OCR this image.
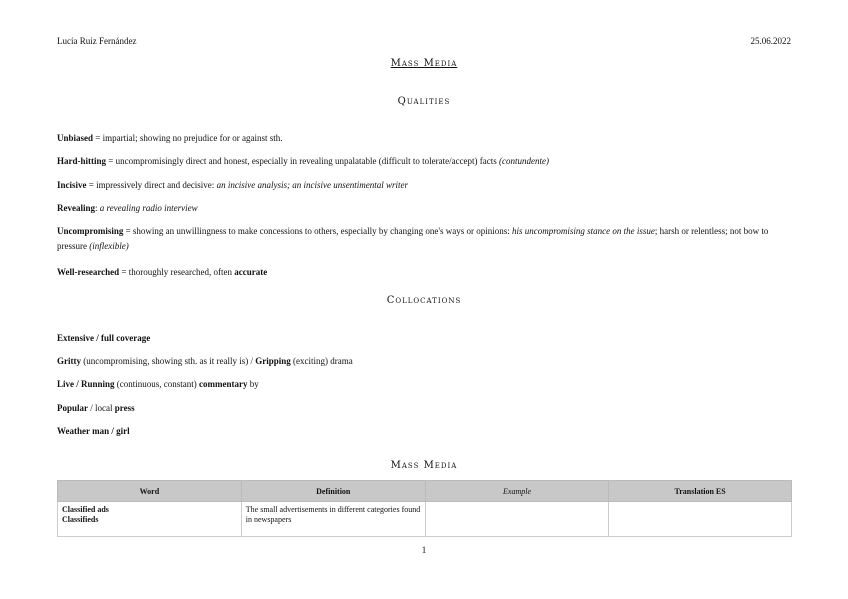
Lucía Ruiz Fernández	25.06.2022
Mass Media
Qualities
Unbiased = impartial; showing no prejudice for or against sth.
Hard-hitting = uncompromisingly direct and honest, especially in revealing unpalatable (difficult to tolerate/accept) facts (contundente)
Incisive = impressively direct and decisive: an incisive analysis; an incisive unsentimental writer
Revealing: a revealing radio interview
Uncompromising = showing an unwillingness to make concessions to others, especially by changing one's ways or opinions: his uncompromising stance on the issue; harsh or relentless; not bow to pressure (inflexible)
Well-researched = thoroughly researched, often accurate
Collocations
Extensive / full coverage
Gritty (uncompromising, showing sth. as it really is) / Gripping (exciting) drama
Live / Running (continuous, constant) commentary by
Popular / local press
Weather man / girl
Mass Media
Word	Definition	Example	Translation ES
Classified ads
Classifieds	The small advertisements in different categories found in newspapers		
1
